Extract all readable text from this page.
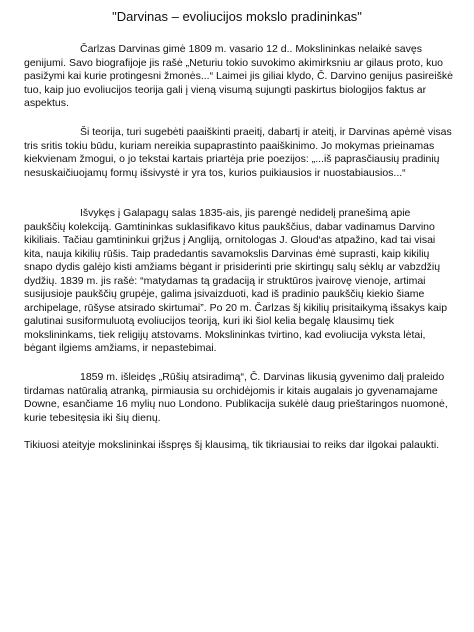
"Darvinas – evoliucijos mokslo pradininkas"

Čarlzas Darvinas gimė 1809 m. vasario 12 d.. Mokslininkas nelaikė savęs genijumi. Savo biografijoje jis rašė „Neturiu tokio suvokimo akimirksniu ar gilaus proto, kuo pasižymi kai kurie protingesni žmonės...“ Laimei jis giliai klydo, Č. Darvino genijus pasireiškė tuo, kaip juo evoliucijos teorija gali į vieną visumą sujungti paskirtus biologijos faktus ar aspektus.

Ši teorija, turi sugebėti paaiškinti praeitį, dabartį ir ateitį, ir Darvinas apėmė visas tris sritis tokiu būdu, kuriam nereikia supaprastinto paaiškinimo. Jo mokymas prieinamas kiekvienam žmogui, o jo tekstai kartais priartėja prie poezijos: „...iš paprasčiausių pradinių nesuskaičiuojamų formų išsivystė ir yra tos, kurios puikiausios ir nuostabiausios...“

Išvykęs į Galapagų salas 1835-ais, jis parengė nedidelį pranešimą apie paukščių kolekciją. Gamtininkas suklasifikavo kitus paukščius, dabar vadinamus Darvino kikiliais. Tačiau gamtininkui grįžus į Angliją, ornitologas J. Gloud‘as atpažino, kad tai visai kita, nauja kikilių rūšis. Taip pradedantis savamokslis Darvinas ėmė suprasti, kaip kikilių snapo dydis galėjo kisti amžiams bėgant ir prisiderinti prie skirtingų salų sėklų ar vabzdžių dydžių. 1839 m. jis rašė: “matydamas tą gradaciją ir struktūros įvairovę vienoje, artimai susijusioje paukščių grupėje, galima įsivaizduoti, kad iš pradinio paukščių kiekio šiame archipelage, rūšyse atsirado skirtumai”. Po 20 m. Čarlzas šį kikilių prisitaikymą išsakys kaip galutinai susiformuluotą evoliucijos teoriją, kuri iki šiol kelia begalę klausimų tiek mokslininkams, tiek religijų atstovams. Mokslininkas tvirtino, kad evoliucija vyksta lėtai, bėgant ilgiems amžiams, ir nepastebimai.

1859 m. išleidęs „Rūšių atsiradimą“, Č. Darvinas likusią gyvenimo dalį praleido tirdamas natūralią atranką, pirmiausia su orchidėjomis ir kitais augalais jo gyvenamajame Downe, esančiame 16 mylių nuo Londono. Publikacija sukėlė daug prieštaringos nuomonė, kurie tebesitęsia iki šių dienų.

Tikiuosi ateityje mokslininkai išspręs šį klausimą, tik tikriausiai to reiks dar ilgokai palaukti.
